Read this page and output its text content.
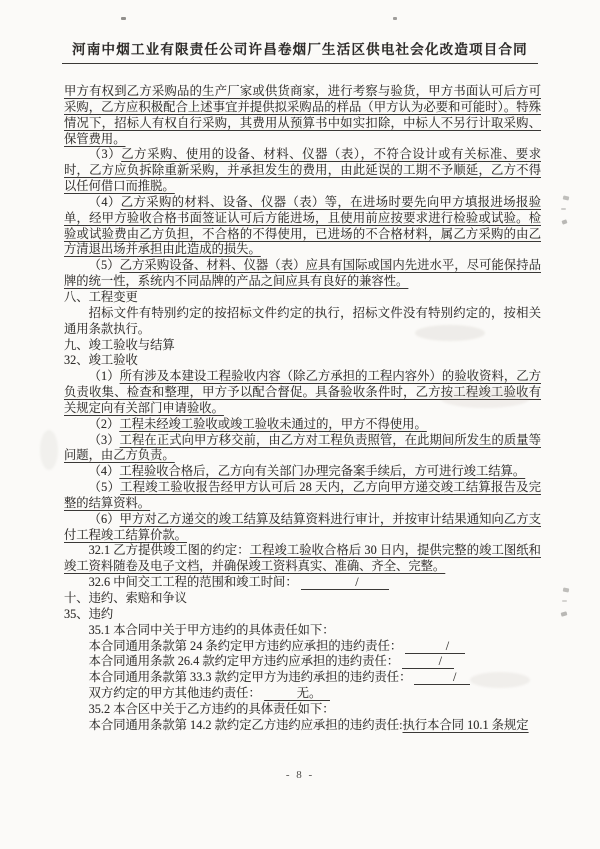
河南中烟工业有限责任公司许昌卷烟厂生活区供电社会化改造项目合同

甲方有权到乙方采购品的生产厂家或供货商家，进行考察与验货，甲方书面认可后方可采购，乙方应积极配合上述事宜并提供拟采购品的样品（甲方认为必要和可能时）。特殊情况下，招标人有权自行采购，其费用从预算书中如实扣除，中标人不另行计取采购、保管费用。

（3）乙方采购、使用的设备、材料、仪器（表），不符合设计或有关标准、要求时，乙方应负拆除重新采购，并承担发生的费用，由此延误的工期不予顺延，乙方不得以任何借口而推脱。

（4）乙方采购的材料、设备、仪器（表）等，在进场时要先向甲方填报进场报验单，经甲方验收合格书面签证认可后方能进场，且使用前应按要求进行检验或试验。检验或试验费由乙方负担，不合格的不得使用，已进场的不合格材料，属乙方采购的由乙方清退出场并承担由此造成的损失。

（5）乙方采购设备、材料、仪器（表）应具有国际或国内先进水平，尽可能保持品牌的统一性，系统内不同品牌的产品之间应具有良好的兼容性。

八、工程变更

招标文件有特别约定的按招标文件约定的执行，招标文件没有特别约定的，按相关通用条款执行。

九、竣工验收与结算

32、竣工验收

（1）所有涉及本建设工程验收内容（除乙方承担的工程内容外）的验收资料，乙方负责收集、检查和整理，甲方予以配合督促。具备验收条件时，乙方按工程竣工验收有关规定向有关部门申请验收。

（2）工程未经竣工验收或竣工验收未通过的，甲方不得使用。

（3）工程在正式向甲方移交前，由乙方对工程负责照管，在此期间所发生的质量等问题，由乙方负责。

（4）工程验收合格后，乙方向有关部门办理完备案手续后，方可进行竣工结算。

（5）工程竣工验收报告经甲方认可后 28 天内，乙方向甲方递交竣工结算报告及完整的结算资料。

（6）甲方对乙方递交的竣工结算及结算资料进行审计，并按审计结果通知向乙方支付工程竣工结算价款。

32.1 乙方提供竣工图的约定：工程竣工验收合格后 30 日内，提供完整的竣工图纸和竣工资料随卷及电子文档，并确保竣工资料真实、准确、齐全、完整。

32.6 中间交工工程的范围和竣工时间：	/

十、违约、索赔和争议

35、违约

35.1 本合同中关于甲方违约的具体责任如下：

本合同通用条款第 24 条约定甲方违约应承担的违约责任：	/

本合同通用条款 26.4 款约定甲方违约应承担的违约责任：	/

本合同通用条款第 33.3 款约定甲方为违约承担的违约责任：	/

双方约定的甲方其他违约责任：	无。

35.2 本合区中关于乙方违约的具体责任如下：

本合同通用条款第 14.2 款约定乙方违约应承担的违约责任:执行本合同 10.1 条规定

- 8 -
